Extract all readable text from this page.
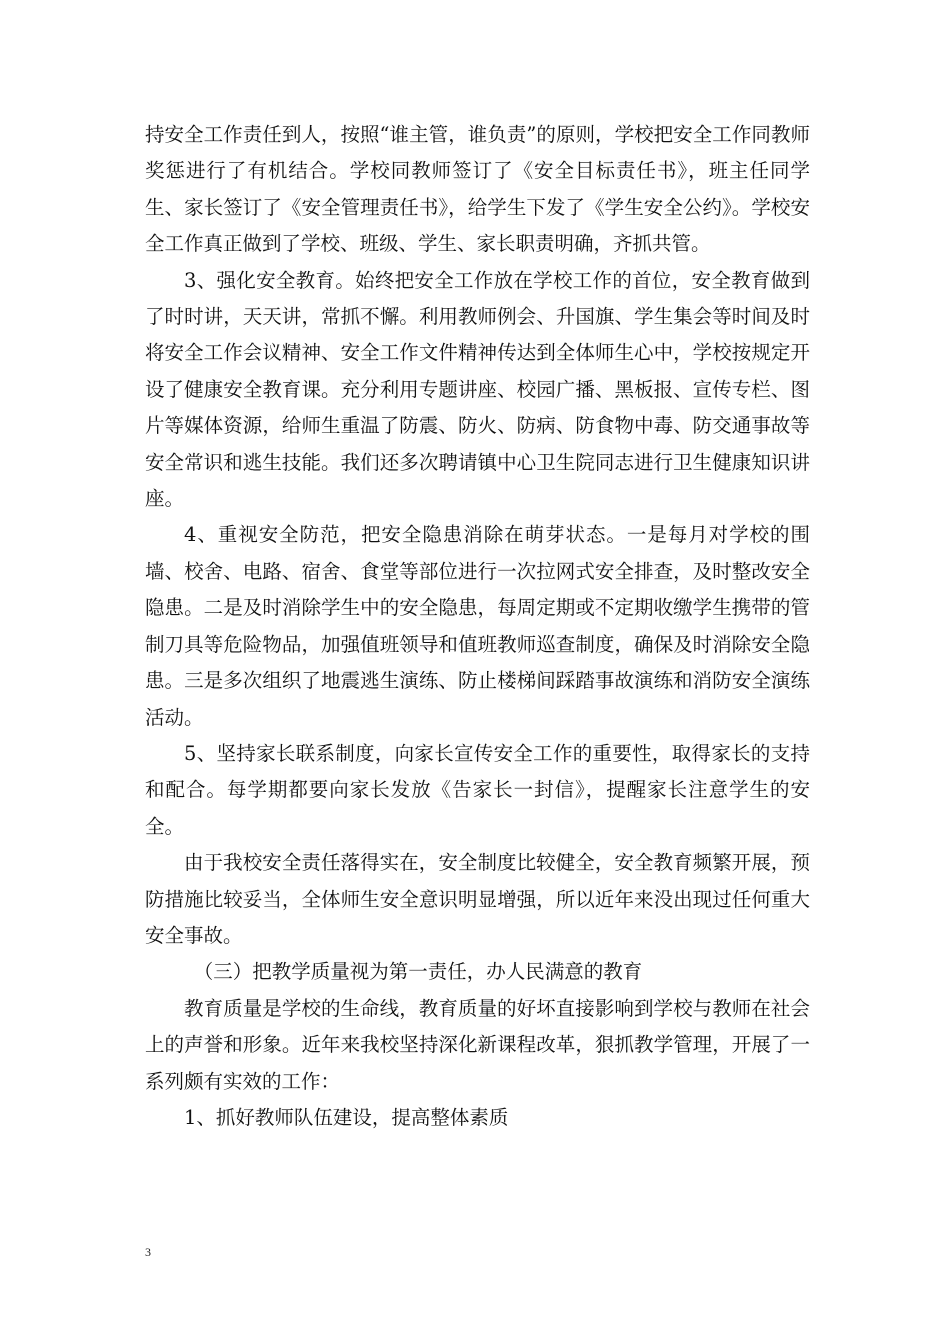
持安全工作责任到人，按照“谁主管，谁负责”的原则，学校把安全工作同教师奖惩进行了有机结合。学校同教师签订了《安全目标责任书》，班主任同学生、家长签订了《安全管理责任书》，给学生下发了《学生安全公约》。学校安全工作真正做到了学校、班级、学生、家长职责明确，齐抓共管。

3、强化安全教育。始终把安全工作放在学校工作的首位，安全教育做到了时时讲，天天讲，常抓不懈。利用教师例会、升国旗、学生集会等时间及时将安全工作会议精神、安全工作文件精神传达到全体师生心中，学校按规定开设了健康安全教育课。充分利用专题讲座、校园广播、黑板报、宣传专栏、图片等媒体资源，给师生重温了防震、防火、防病、防食物中毒、防交通事故等安全常识和逃生技能。我们还多次聘请镇中心卫生院同志进行卫生健康知识讲座。

4、重视安全防范，把安全隐患消除在萌芽状态。一是每月对学校的围墙、校舍、电路、宿舍、食堂等部位进行一次拉网式安全排查，及时整改安全隐患。二是及时消除学生中的安全隐患，每周定期或不定期收缴学生携带的管制刀具等危险物品，加强值班领导和值班教师巡查制度，确保及时消除安全隐患。三是多次组织了地震逃生演练、防止楼梯间踩踏事故演练和消防安全演练活动。

5、坚持家长联系制度，向家长宣传安全工作的重要性，取得家长的支持和配合。每学期都要向家长发放《告家长一封信》，提醒家长注意学生的安全。

由于我校安全责任落得实在，安全制度比较健全，安全教育频繁开展，预防措施比较妥当，全体师生安全意识明显增强，所以近年来没出现过任何重大安全事故。

（三）把教学质量视为第一责任，办人民满意的教育

教育质量是学校的生命线，教育质量的好坏直接影响到学校与教师在社会上的声誉和形象。近年来我校坚持深化新课程改革，狠抓教学管理，开展了一系列颇有实效的工作：

1、抓好教师队伍建设，提高整体素质

3
